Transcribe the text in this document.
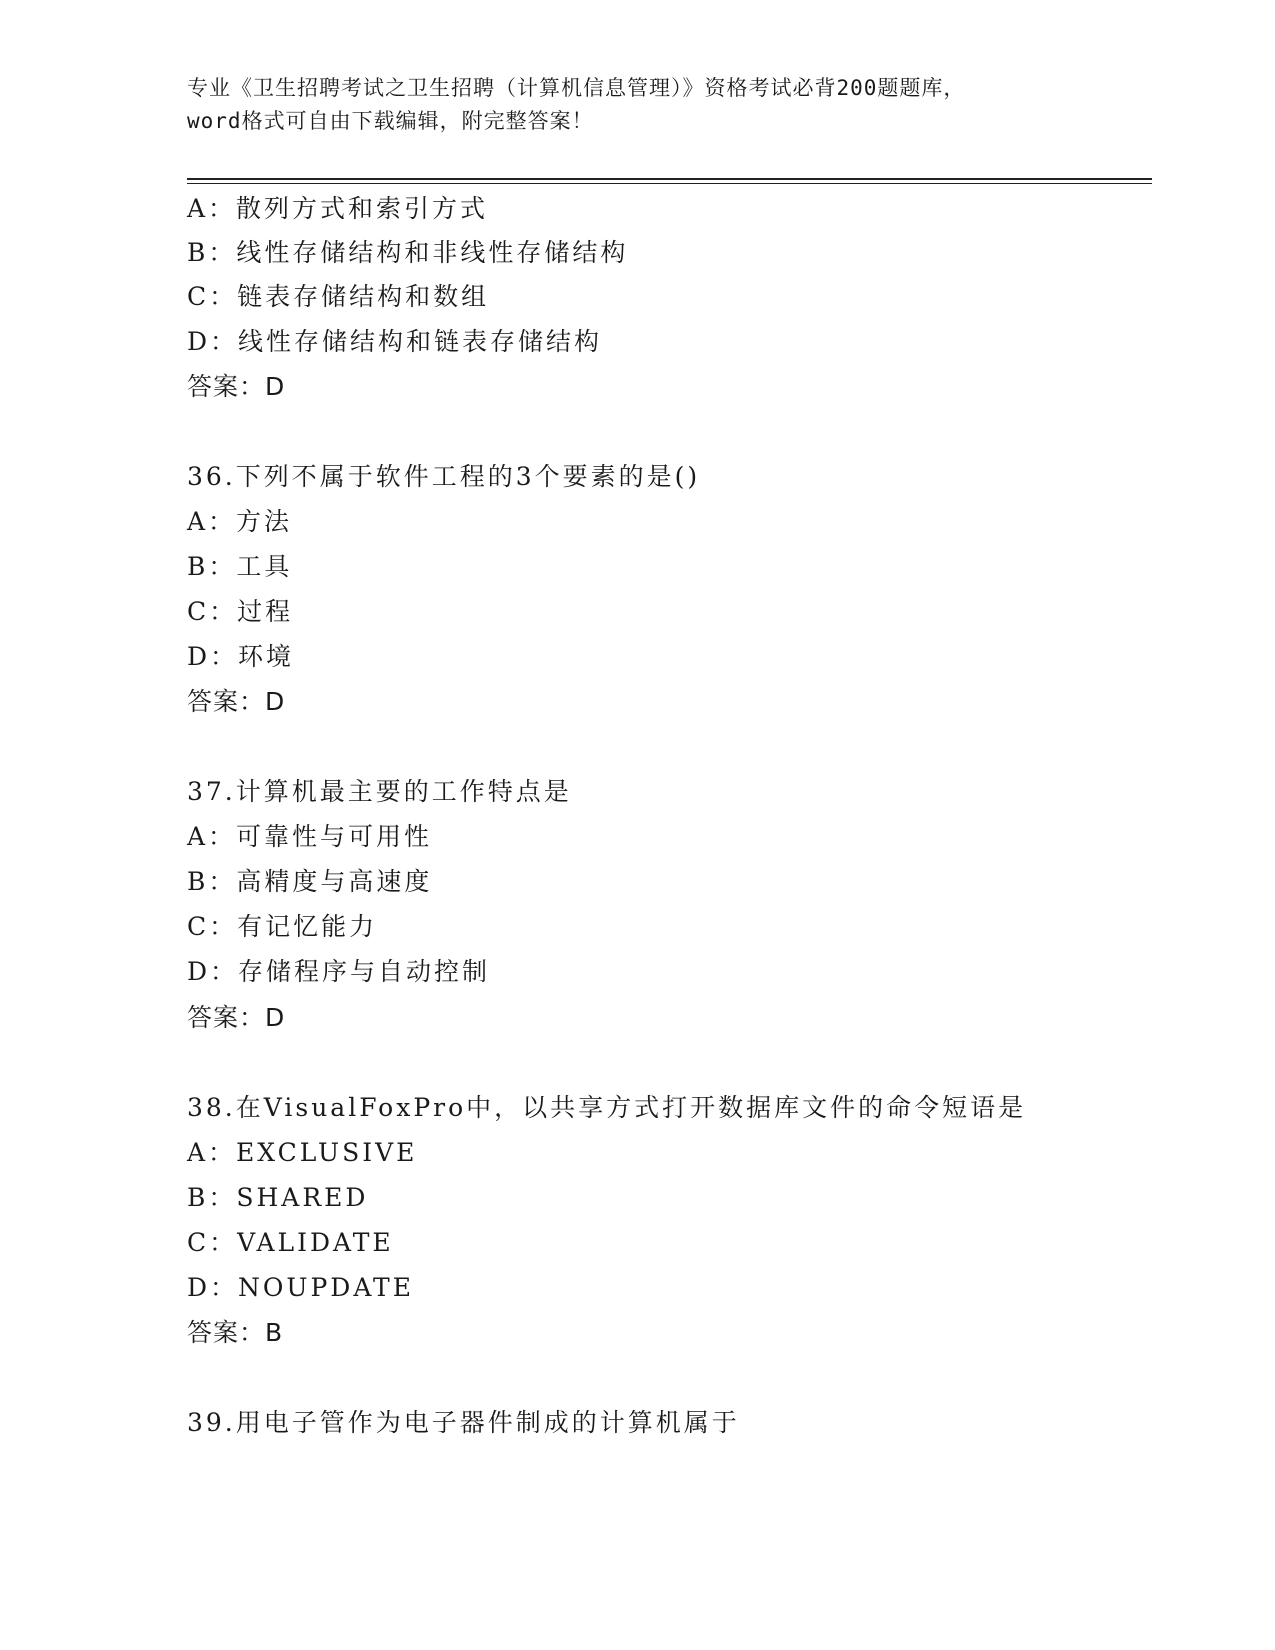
专业《卫生招聘考试之卫生招聘（计算机信息管理）》资格考试必背200题题库，
word格式可自由下载编辑，附完整答案！
A：散列方式和索引方式
B：线性存储结构和非线性存储结构
C：链表存储结构和数组
D：线性存储结构和链表存储结构
答案：D
36.下列不属于软件工程的3个要素的是()
A：方法
B：工具
C：过程
D：环境
答案：D
37.计算机最主要的工作特点是
A：可靠性与可用性
B：高精度与高速度
C：有记忆能力
D：存储程序与自动控制
答案：D
38.在VisualFoxPro中，以共享方式打开数据库文件的命令短语是
A：EXCLUSIVE
B：SHARED
C：VALIDATE
D：NOUPDATE
答案：B
39.用电子管作为电子器件制成的计算机属于
